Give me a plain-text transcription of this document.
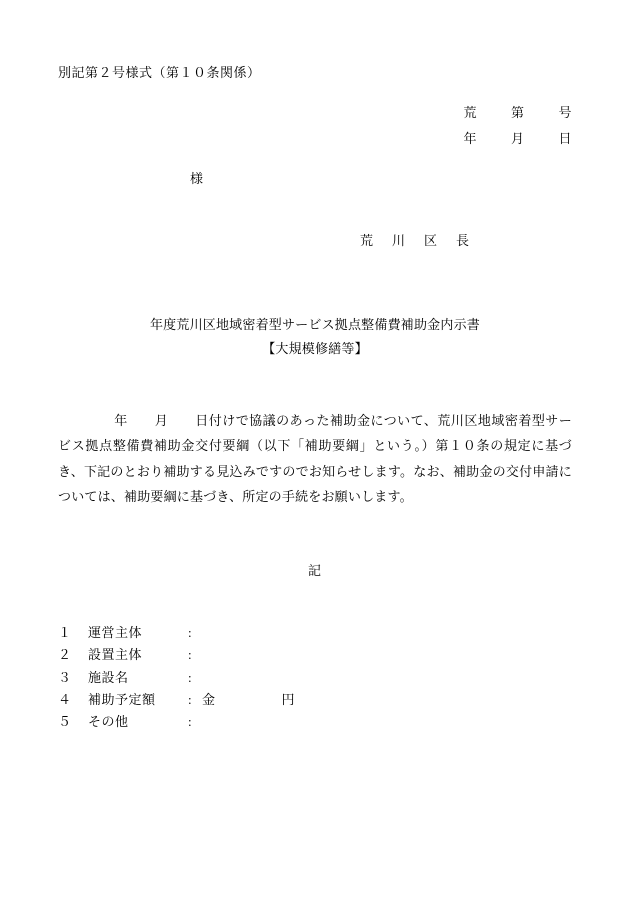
別記第２号様式（第１０条関係）
荒	第	号
年	月	日
様
荒　川　区　長
年度荒川区地域密着型サービス拠点整備費補助金内示書
【大規模修繕等】
年　　月　　日付けで協議のあった補助金について、荒川区地域密着型サービス拠点整備費補助金交付要綱（以下「補助要綱」という。）第１０条の規定に基づき、下記のとおり補助する見込みですのでお知らせします。なお、補助金の交付申請については、補助要綱に基づき、所定の手続をお願いします。
記
１ 運営主体	:
２ 設置主体	:
３ 施設名	:
４ 補助予定額 : 金	円
５ その他	:
